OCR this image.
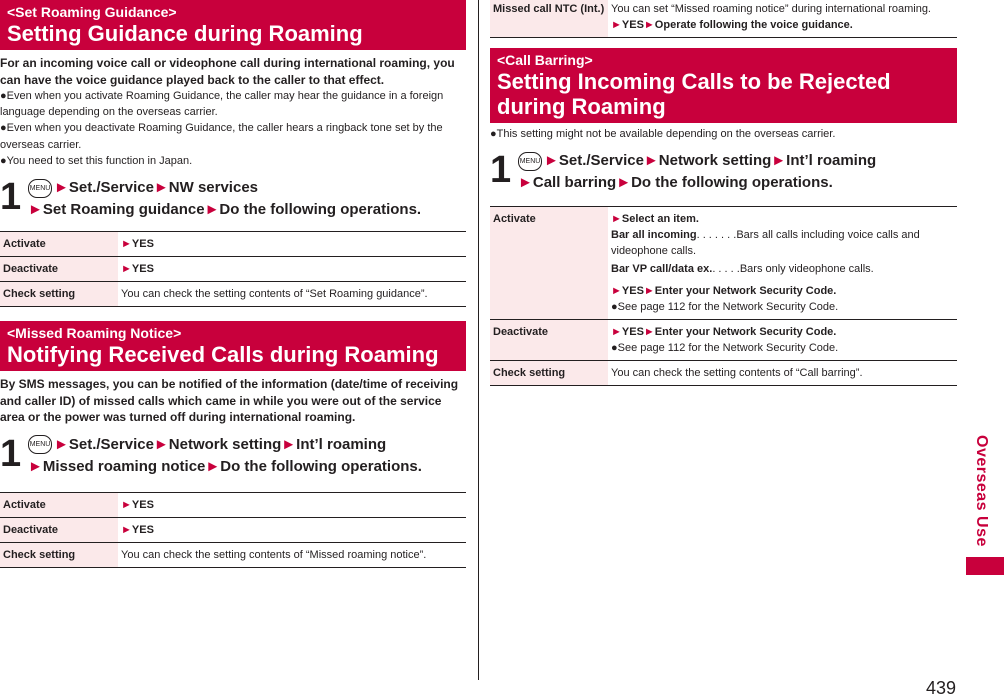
<Set Roaming Guidance>
Setting Guidance during Roaming
For an incoming voice call or videophone call during international roaming, you can have the voice guidance played back to the caller to that effect.
●Even when you activate Roaming Guidance, the caller may hear the guidance in a foreign language depending on the overseas carrier.
●Even when you deactivate Roaming Guidance, the caller hears a ringback tone set by the overseas carrier.
●You need to set this function in Japan.
1 MENU ►Set./Service►NW services
►Set Roaming guidance►Do the following operations.
Activate	►YES
Deactivate	►YES
Check setting	You can check the setting contents of “Set Roaming guidance”.
<Missed Roaming Notice>
Notifying Received Calls during Roaming
By SMS messages, you can be notified of the information (date/time of receiving and caller ID) of missed calls which came in while you were out of the service area or the power was turned off during international roaming.
1 MENU ►Set./Service►Network setting►Int’l roaming
►Missed roaming notice►Do the following operations.
Activate	►YES
Deactivate	►YES
Check setting	You can check the setting contents of “Missed roaming notice”.
Missed call NTC (Int.)	You can set “Missed roaming notice” during international roaming.
►YES►Operate following the voice guidance.
<Call Barring>
Setting Incoming Calls to be Rejected during Roaming
●This setting might not be available depending on the overseas carrier.
1 MENU ►Set./Service►Network setting►Int’l roaming
►Call barring►Do the following operations.
Activate	►Select an item.
Bar all incoming. . . . . . .Bars all calls including voice calls and videophone calls.
Bar VP call/data ex.. . . . .Bars only videophone calls.
►YES►Enter your Network Security Code.
●See page 112 for the Network Security Code.

Deactivate	►YES►Enter your Network Security Code.
●See page 112 for the Network Security Code.

Check setting	You can check the setting contents of “Call barring”.
Overseas Use
439
